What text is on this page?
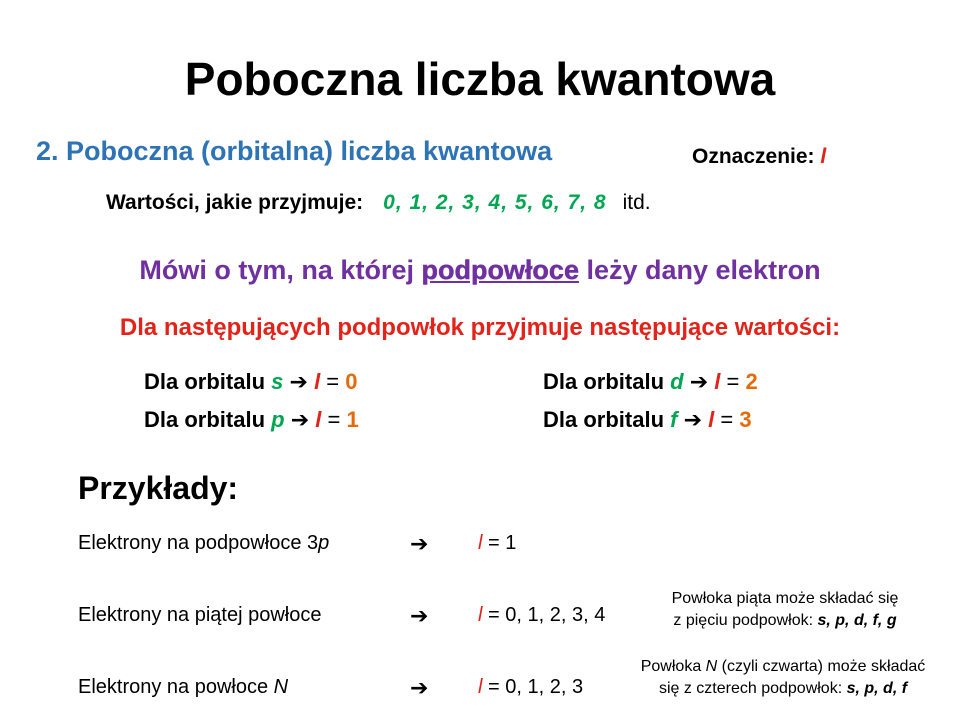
Poboczna liczba kwantowa
2. Poboczna (orbitalna) liczba kwantowa	Oznaczenie: l
Wartości, jakie przyjmuje: 0, 1, 2, 3, 4, 5, 6, 7, 8 itd.
Mówi o tym, na której podpowłoce leży dany elektron
Dla następujących podpowłok przyjmuje następujące wartości:
Dla orbitalu s ➔ l = 0
Dla orbitalu p ➔ l = 1
Dla orbitalu d ➔ l = 2
Dla orbitalu f ➔ l = 3
Przykłady:
Elektrony na podpowłoce 3p	➔ l = 1
Elektrony na piątej powłoce	➔ l = 0, 1, 2, 3, 4
Elektrony na powłoce N	➔ l = 0, 1, 2, 3
Powłoka piąta może składać się
z pięciu podpowłok: s, p, d, f, g
Powłoka N (czyli czwarta) może składać
się z czterech podpowłok: s, p, d, f
